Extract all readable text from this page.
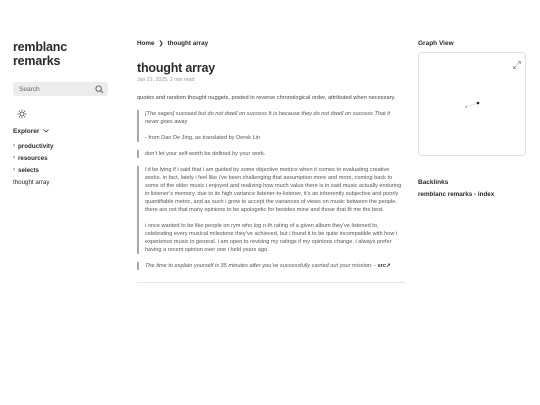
remblanc remarks
Search
Explorer
› productivity
› resources
› selects
thought array
Home ❯ thought array
thought array
Jan 22, 2025, 2 min read
quotes and random thought nuggets, posted in reverse chronological order, attributed when necessary.

[The sages] succeed but do not dwell on success It is because they do not dwell on success That it never goes away

- from Dao De Jing, as translated by Derek Lin

don’t let your self-worth be defined by your work.

i’d be lying if i said that i am guided by some objective metrics when it comes to evaluating creative works. in fact, lately i feel like i’ve been challenging that assumption more and more, coming back to some of the older music i enjoyed and realizing how much value there is in said music actually enduring in listener’s memory. due to its high variance listener-to-listener, it’s an inherently subjective and poorly quantifiable metric, and as such i grew to accept the variances of views on music between the people. there are not that many opinions to be apologetic for besides mine and those that fit me the best.

i once wanted to be like people on rym who log n-th rating of a given album they’ve listened to, celebrating every musical milestone they’ve achieved, but i found it to be quite incompatible with how i experience music in general. i am open to revising my ratings if my opinions change. i always prefer having a recent opinion over one i held years ago.

The time to explain yourself is 35 minutes after you’ve successfully carried out your mission. - src↗

Graph View
Backlinks
remblanc remarks - index
